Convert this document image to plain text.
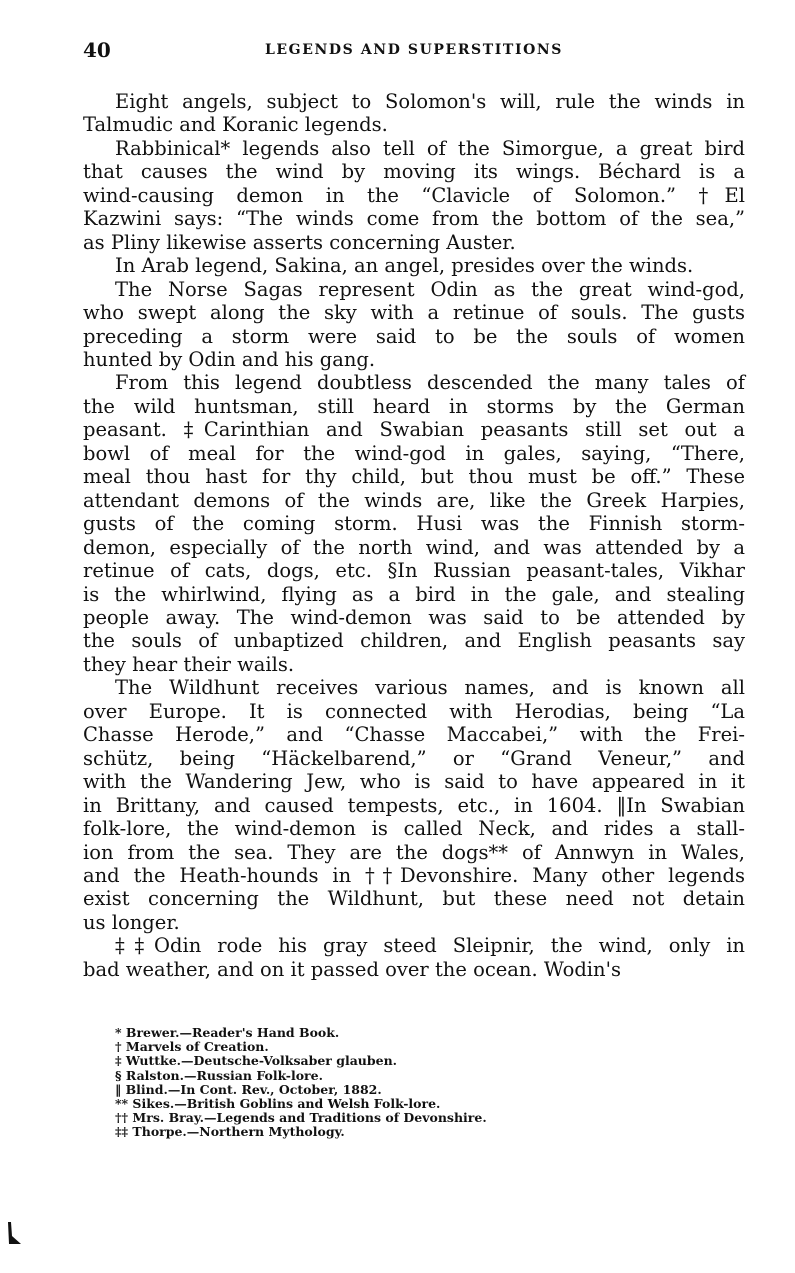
40	LEGENDS AND SUPERSTITIONS
Eight angels, subject to Solomon's will, rule the winds in
Talmudic and Koranic legends.
Rabbinical* legends also tell of the Simorgue, a great bird
that causes the wind by moving its wings. Béchard is a
wind-causing demon in the “Clavicle of Solomon.” †El
Kazwini says: “The winds come from the bottom of the sea,”
as Pliny likewise asserts concerning Auster.
In Arab legend, Sakina, an angel, presides over the winds.
The Norse Sagas represent Odin as the great wind-god,
who swept along the sky with a retinue of souls. The gusts
preceding a storm were said to be the souls of women
hunted by Odin and his gang.
From this legend doubtless descended the many tales of
the wild huntsman, still heard in storms by the German
peasant. ‡Carinthian and Swabian peasants still set out a
bowl of meal for the wind-god in gales, saying, “There,
meal thou hast for thy child, but thou must be off.” These
attendant demons of the winds are, like the Greek Harpies,
gusts of the coming storm. Husi was the Finnish storm-
demon, especially of the north wind, and was attended by a
retinue of cats, dogs, etc. §In Russian peasant-tales, Vikhar
is the whirlwind, flying as a bird in the gale, and stealing
people away. The wind-demon was said to be attended by
the souls of unbaptized children, and English peasants say
they hear their wails.
The Wildhunt receives various names, and is known all
over Europe. It is connected with Herodias, being “La
Chasse Herode,” and “Chasse Maccabei,” with the Frei-
schütz, being “Häckelbarend,” or “Grand Veneur,” and
with the Wandering Jew, who is said to have appeared in it
in Brittany, and caused tempests, etc., in 1604. ‖In Swabian
folk-lore, the wind-demon is called Neck, and rides a stall-
ion from the sea. They are the dogs** of Annwyn in Wales,
and the Heath-hounds in ††Devonshire. Many other legends
exist concerning the Wildhunt, but these need not detain
us longer.
‡‡Odin rode his gray steed Sleipnir, the wind, only in
bad weather, and on it passed over the ocean. Wodin's
* Brewer.—Reader's Hand Book.
† Marvels of Creation.
‡ Wuttke.—Deutsche-Volksaber glauben.
§ Ralston.—Russian Folk-lore.
‖ Blind.—In Cont. Rev., October, 1882.
** Sikes.—British Goblins and Welsh Folk-lore.
†† Mrs. Bray.—Legends and Traditions of Devonshire.
‡‡ Thorpe.—Northern Mythology.
